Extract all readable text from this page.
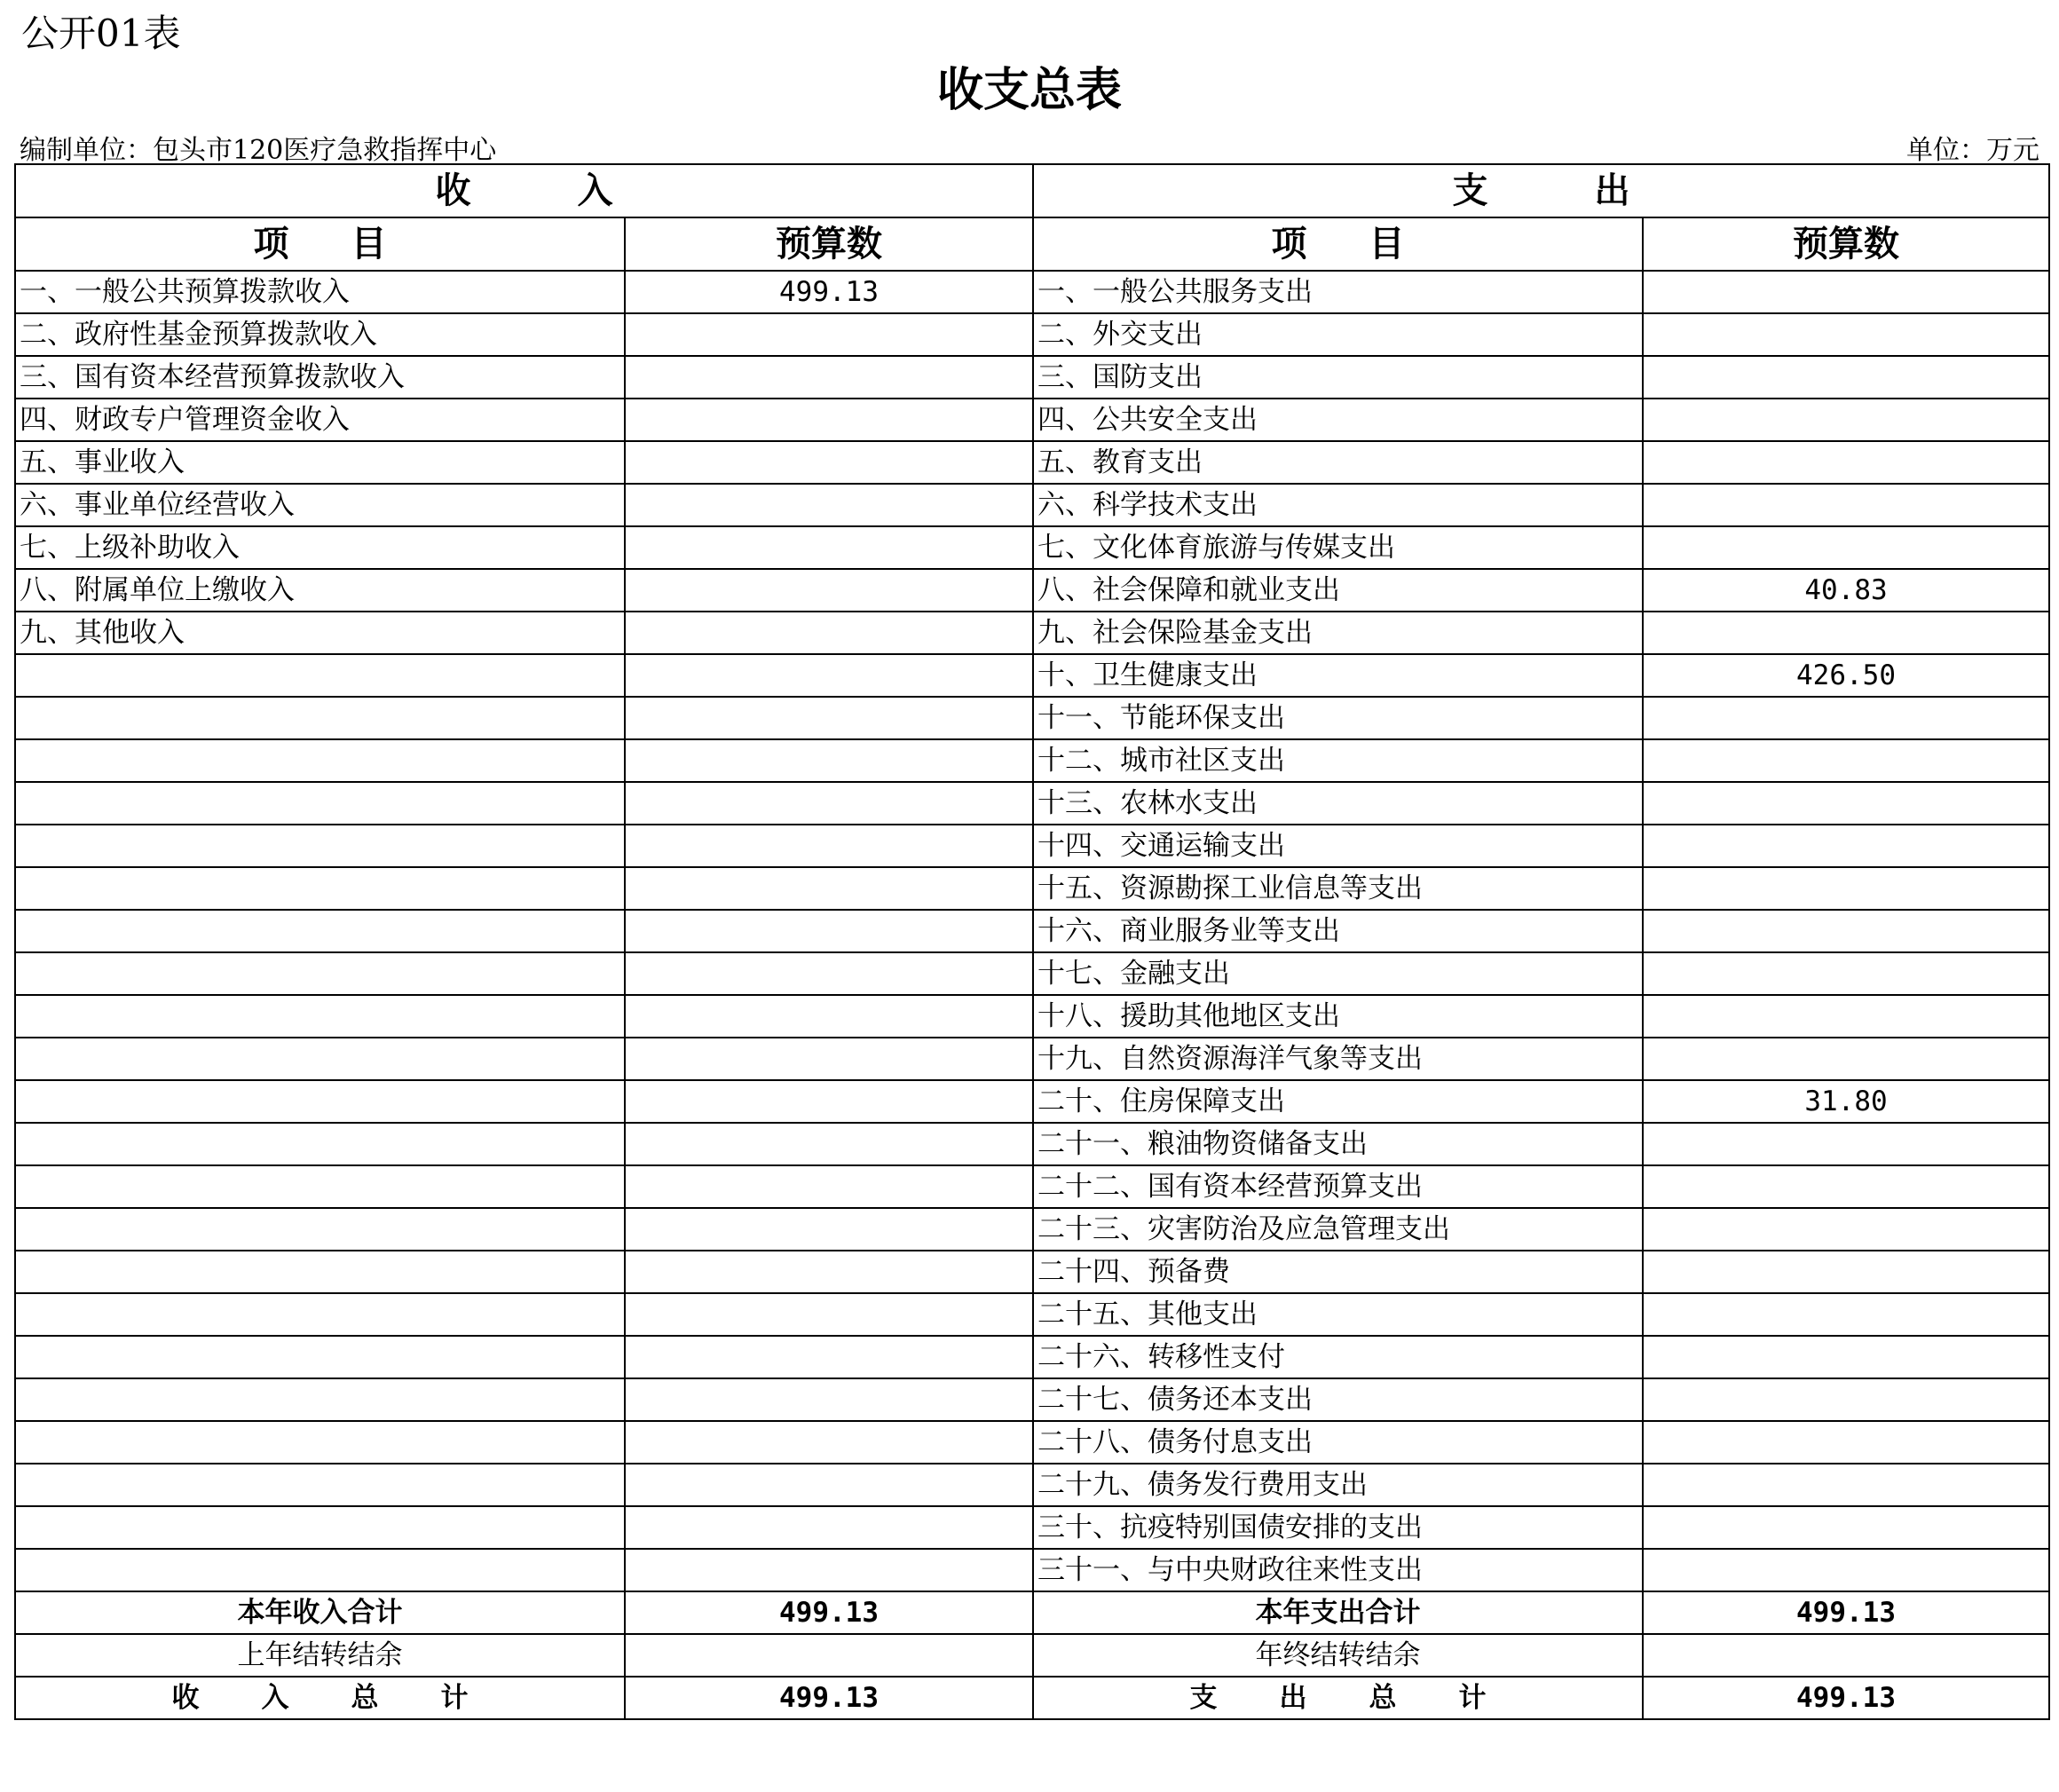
公开01表
收支总表
编制单位：包头市120医疗急救指挥中心	单位：万元
收入		支出	
项目	预算数	项目	预算数
一、一般公共预算拨款收入	499.13	一、一般公共服务支出	
二、政府性基金预算拨款收入		二、外交支出	
三、国有资本经营预算拨款收入		三、国防支出	
四、财政专户管理资金收入		四、公共安全支出	
五、事业收入		五、教育支出	
六、事业单位经营收入		六、科学技术支出	
七、上级补助收入		七、文化体育旅游与传媒支出	
八、附属单位上缴收入		八、社会保障和就业支出	40.83
九、其他收入		九、社会保险基金支出	
		十、卫生健康支出	426.50
		十一、节能环保支出	
		十二、城市社区支出	
		十三、农林水支出	
		十四、交通运输支出	
		十五、资源勘探工业信息等支出	
		十六、商业服务业等支出	
		十七、金融支出	
		十八、援助其他地区支出	
		十九、自然资源海洋气象等支出	
		二十、住房保障支出	31.80
		二十一、粮油物资储备支出	
		二十二、国有资本经营预算支出	
		二十三、灾害防治及应急管理支出	
		二十四、预备费	
		二十五、其他支出	
		二十六、转移性支付	
		二十七、债务还本支出	
		二十八、债务付息支出	
		二十九、债务发行费用支出	
		三十、抗疫特别国债安排的支出	
		三十一、与中央财政往来性支出	
本年收入合计	499.13	本年支出合计	499.13
上年结转结余		年终结转结余	
收入总计	499.13	支出总计	499.13
